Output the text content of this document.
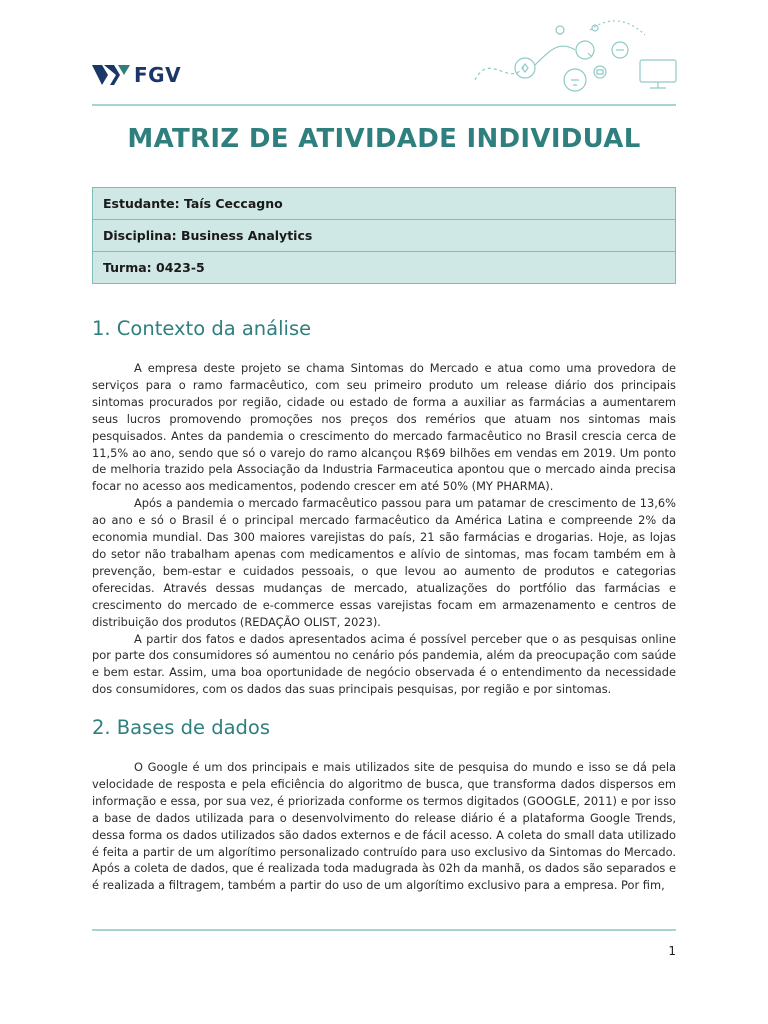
FGV
MATRIZ DE ATIVIDADE INDIVIDUAL
Estudante: Taís Ceccagno
Disciplina: Business Analytics
Turma: 0423-5
1. Contexto da análise

A empresa deste projeto se chama Sintomas do Mercado e atua como uma provedora de serviços para o ramo farmacêutico, com seu primeiro produto um release diário dos principais sintomas procurados por região, cidade ou estado de forma a auxiliar as farmácias a aumentarem seus lucros promovendo promoções nos preços dos remérios que atuam nos sintomas mais pesquisados. Antes da pandemia o crescimento do mercado farmacêutico no Brasil crescia cerca de 11,5% ao ano, sendo que só o varejo do ramo alcançou R$69 bilhões em vendas em 2019. Um ponto de melhoria trazido pela Associação da Industria Farmaceutica apontou que o mercado ainda precisa focar no acesso aos medicamentos, podendo crescer em até 50% (MY PHARMA).

Após a pandemia o mercado farmacêutico passou para um patamar de crescimento de 13,6% ao ano e só o Brasil é o principal mercado farmacêutico da América Latina e compreende 2% da economia mundial. Das 300 maiores varejistas do país, 21 são farmácias e drogarias. Hoje, as lojas do setor não trabalham apenas com medicamentos e alívio de sintomas, mas focam também em à prevenção, bem-estar e cuidados pessoais, o que levou ao aumento de produtos e categorias oferecidas. Através dessas mudanças de mercado, atualizações do portfólio das farmácias e crescimento do mercado de e-commerce essas varejistas focam em armazenamento e centros de distribuição dos produtos (REDAÇÃO OLIST, 2023).

A partir dos fatos e dados apresentados acima é possível perceber que o as pesquisas online por parte dos consumidores só aumentou no cenário pós pandemia, além da preocupação com saúde e bem estar. Assim, uma boa oportunidade de negócio observada é o entendimento da necessidade dos consumidores, com os dados das suas principais pesquisas, por região e por sintomas.

2. Bases de dados

O Google é um dos principais e mais utilizados site de pesquisa do mundo e isso se dá pela velocidade de resposta e pela eficiência do algoritmo de busca, que transforma dados dispersos em informação e essa, por sua vez, é priorizada conforme os termos digitados (GOOGLE, 2011) e por isso a base de dados utilizada para o desenvolvimento do release diário é a plataforma Google Trends, dessa forma os dados utilizados são dados externos e de fácil acesso. A coleta do small data utilizado é feita a partir de um algorítimo personalizado contruído para uso exclusivo da Sintomas do Mercado. Após a coleta de dados, que é realizada toda madugrada às 02h da manhã, os dados são separados e é realizada a filtragem, também a partir do uso de um algorítimo exclusivo para a empresa. Por fim,

1
